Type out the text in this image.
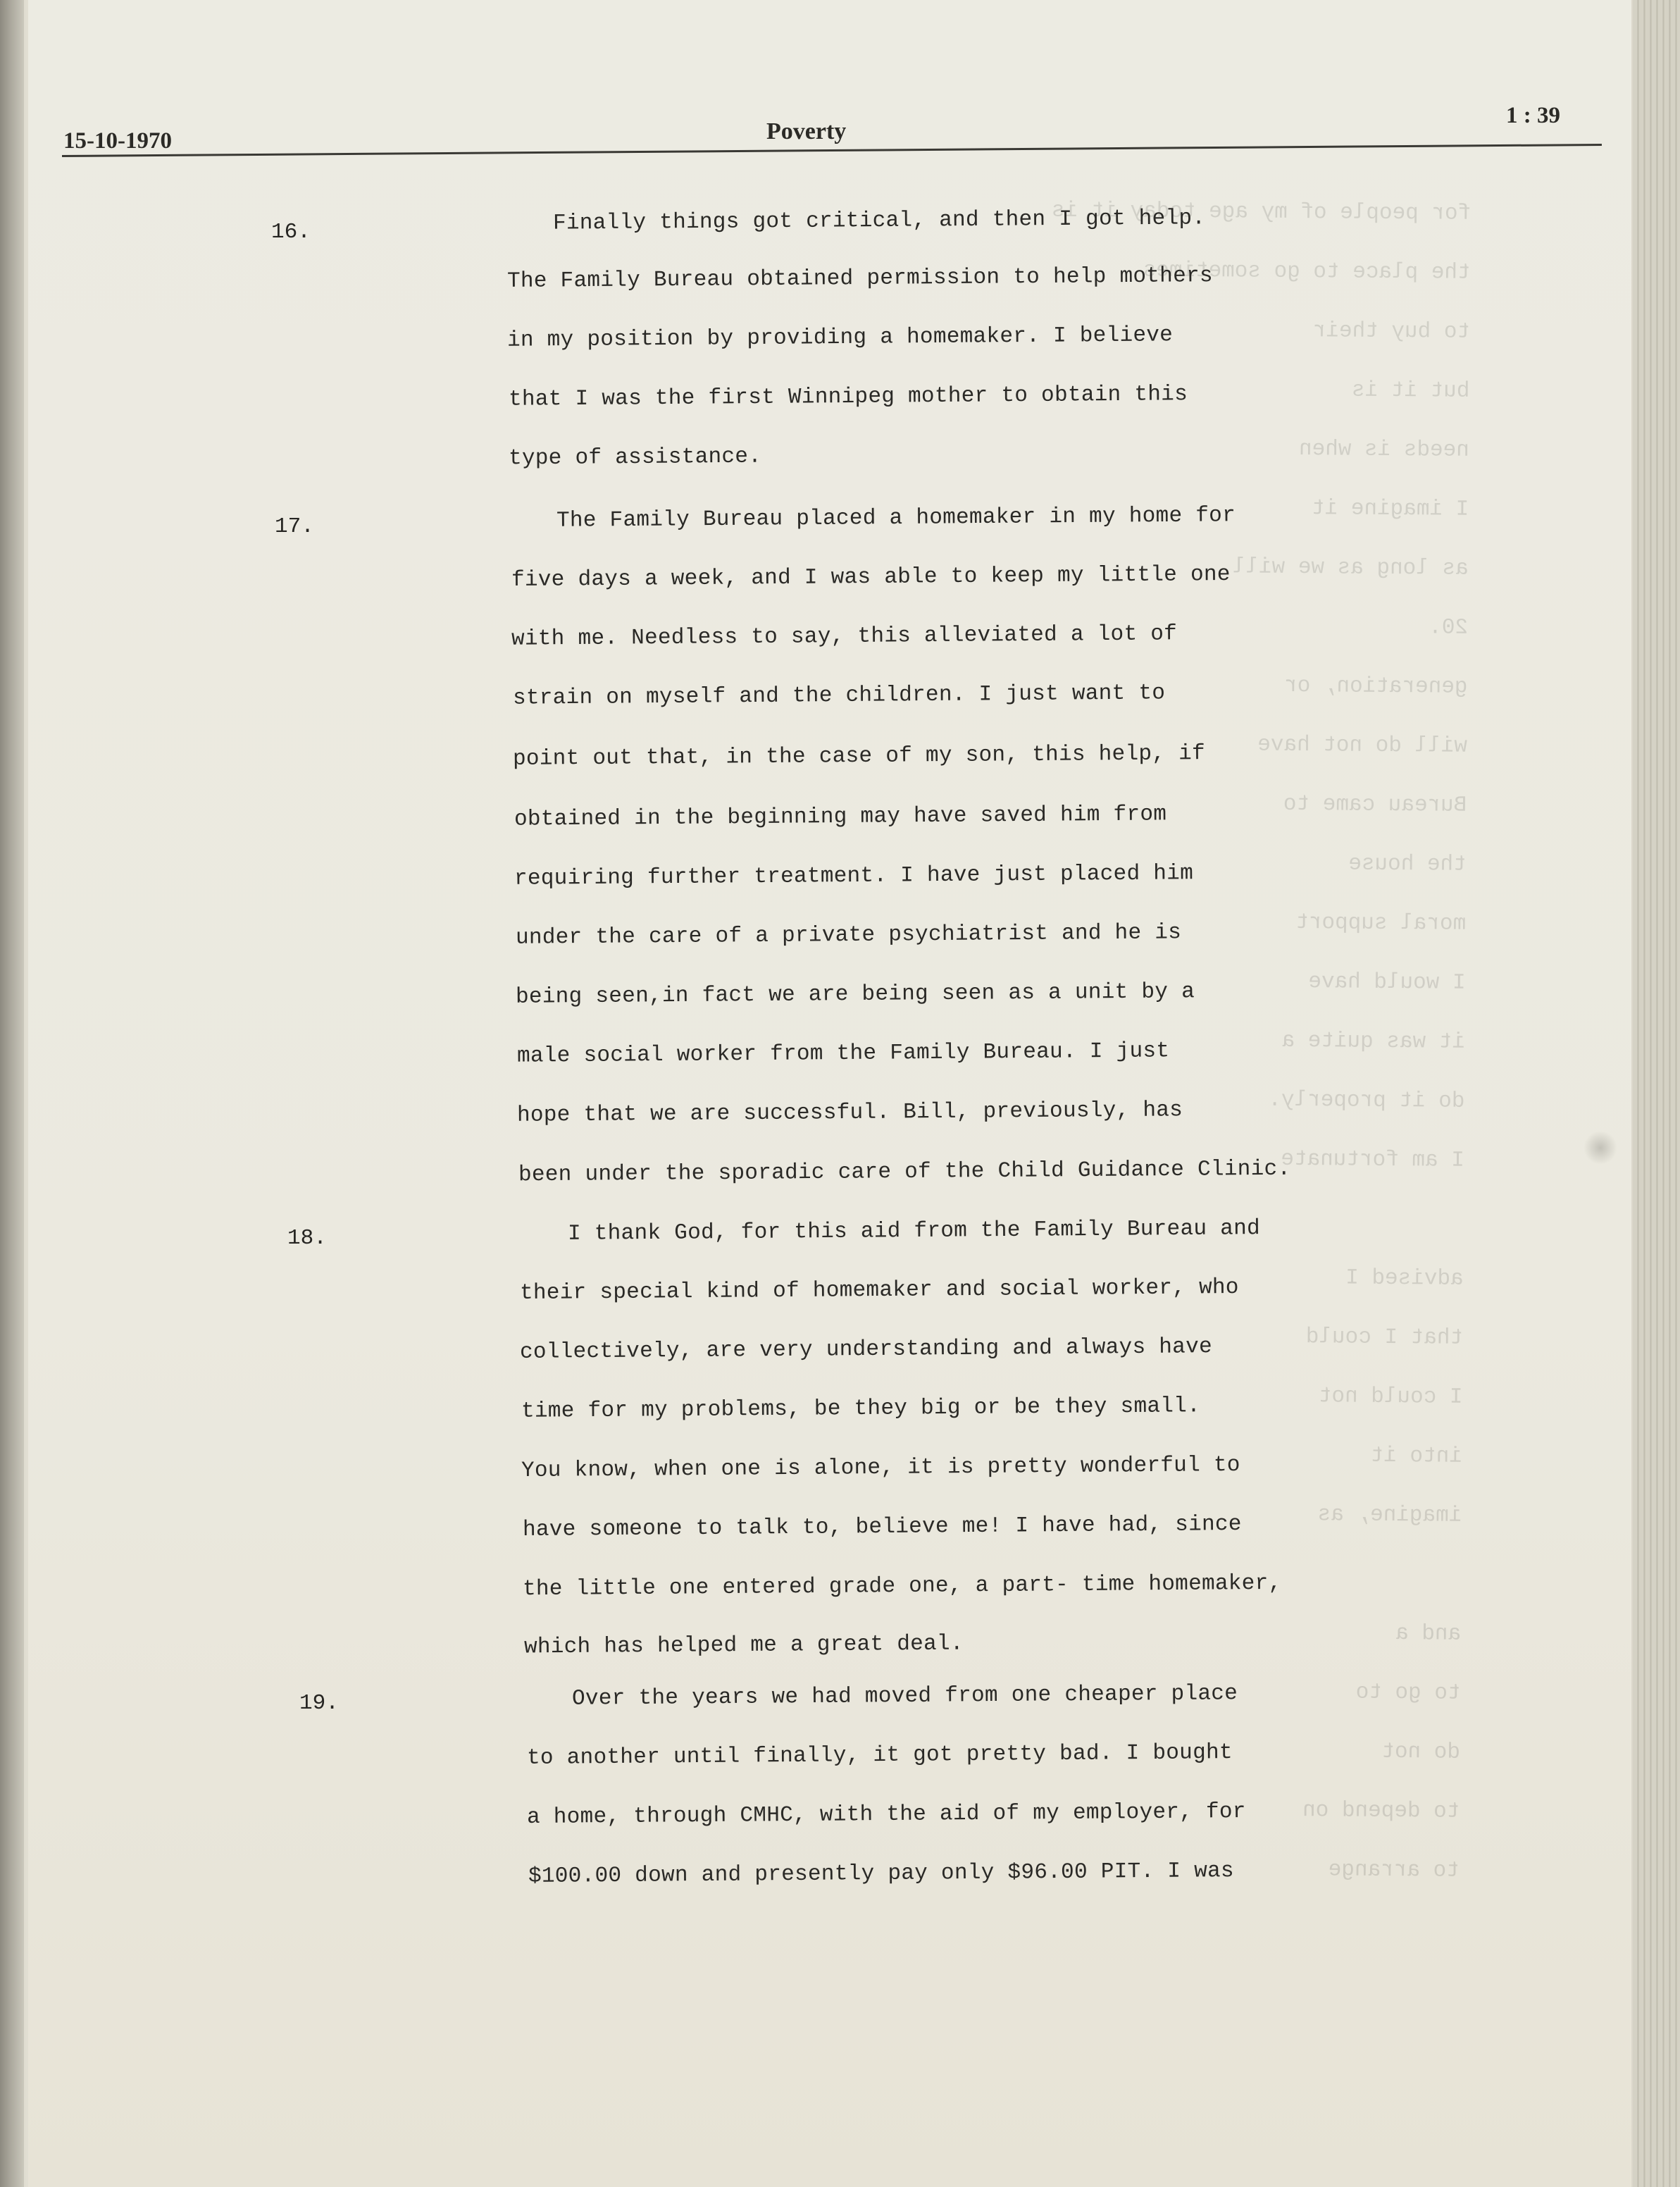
for people of my age today it is
the place to go sometimes
to buy their
but it is
needs is when
I imagine it
as long as we will
20.
generation, or
will do not have
Bureau came to
the house
moral support
I would have
it was quite a
do it properly.
I am fortunate
advised I
that I could
I could not
into it
imagine, as
and a
to go to
do not
to depend on
to arrange
15-10-1970	Poverty
1 : 39
16.	Finally things got critical, and then I got help.
The Family Bureau obtained permission to help mothers
in my position by providing a homemaker. I believe
that I was the first Winnipeg mother to obtain this
type of assistance.
17.	The Family Bureau placed a homemaker in my home for
five days a week, and I was able to keep my little one
with me. Needless to say, this alleviated a lot of
strain on myself and the children. I just want to
point out that, in the case of my son, this help, if
obtained in the beginning may have saved him from
requiring further treatment. I have just placed him
under the care of a private psychiatrist and he is
being seen,in fact we are being seen as a unit by a
male social worker from the Family Bureau. I just
hope that we are successful. Bill, previously, has
been under the sporadic care of the Child Guidance Clinic.
18.	I thank God, for this aid from the Family Bureau and
their special kind of homemaker and social worker, who
collectively, are very understanding and always have
time for my problems, be they big or be they small.
You know, when one is alone, it is pretty wonderful to
have someone to talk to, believe me! I have had, since
the little one entered grade one, a part- time homemaker,
which has helped me a great deal.
19.	Over the years we had moved from one cheaper place
to another until finally, it got pretty bad. I bought
a home, through CMHC, with the aid of my employer, for
$100.00 down and presently pay only $96.00 PIT. I was
